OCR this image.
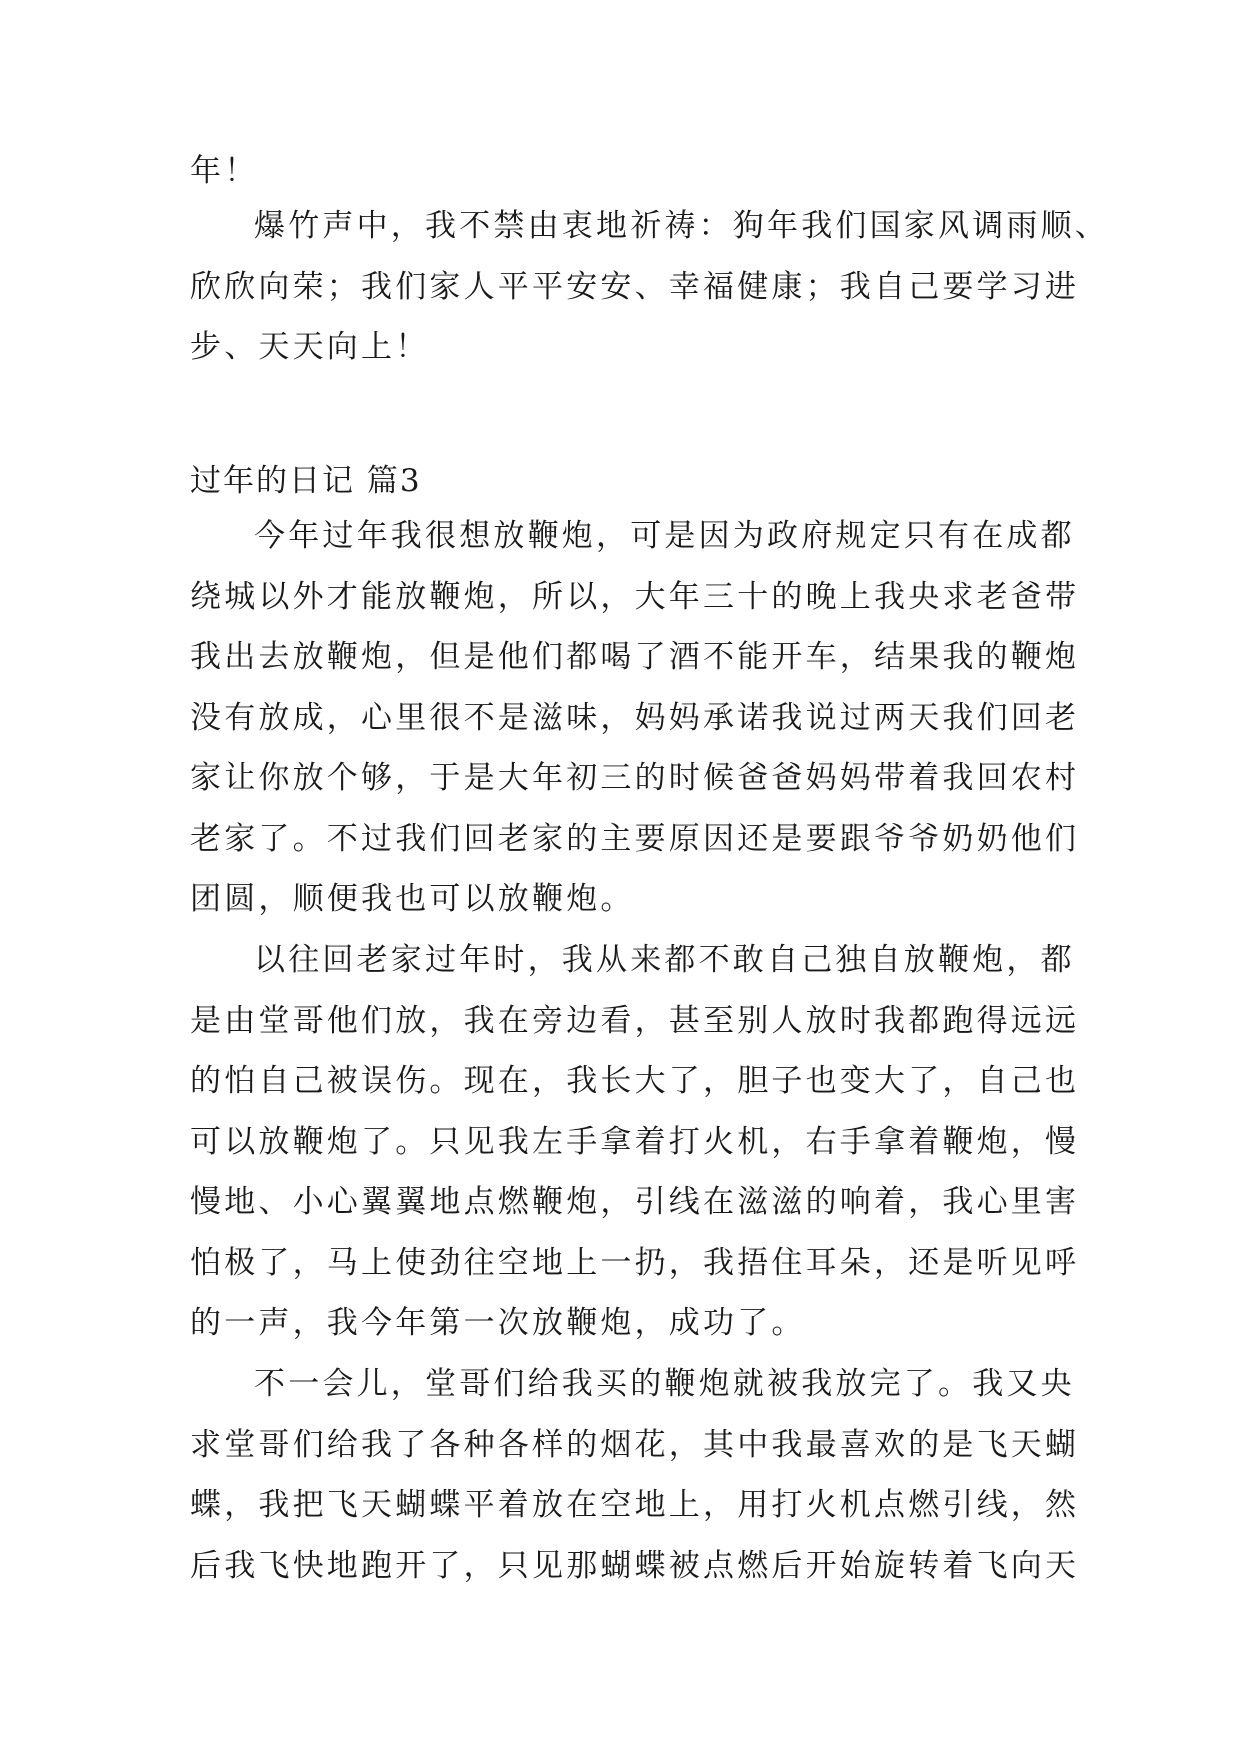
年！

爆竹声中，我不禁由衷地祈祷：狗年我们国家风调雨顺、
欣欣向荣；我们家人平平安安、幸福健康；我自己要学习进
步、天天向上！

过年的日记 篇3

今年过年我很想放鞭炮，可是因为政府规定只有在成都
绕城以外才能放鞭炮，所以，大年三十的晚上我央求老爸带
我出去放鞭炮，但是他们都喝了酒不能开车，结果我的鞭炮
没有放成，心里很不是滋味，妈妈承诺我说过两天我们回老
家让你放个够，于是大年初三的时候爸爸妈妈带着我回农村
老家了。不过我们回老家的主要原因还是要跟爷爷奶奶他们
团圆，顺便我也可以放鞭炮。

以往回老家过年时，我从来都不敢自己独自放鞭炮，都
是由堂哥他们放，我在旁边看，甚至别人放时我都跑得远远
的怕自己被误伤。现在，我长大了，胆子也变大了，自己也
可以放鞭炮了。只见我左手拿着打火机，右手拿着鞭炮，慢
慢地、小心翼翼地点燃鞭炮，引线在滋滋的响着，我心里害
怕极了，马上使劲往空地上一扔，我捂住耳朵，还是听见呼
的一声，我今年第一次放鞭炮，成功了。

不一会儿，堂哥们给我买的鞭炮就被我放完了。我又央
求堂哥们给我了各种各样的烟花，其中我最喜欢的是飞天蝴
蝶，我把飞天蝴蝶平着放在空地上，用打火机点燃引线，然
后我飞快地跑开了，只见那蝴蝶被点燃后开始旋转着飞向天
